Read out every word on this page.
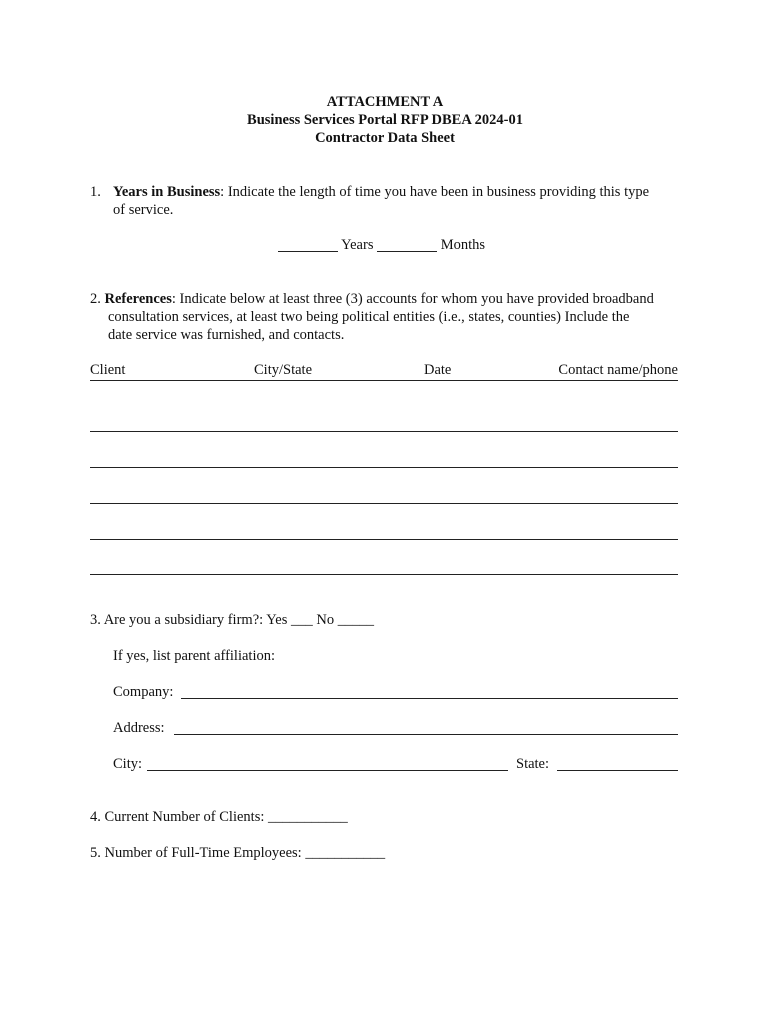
ATTACHMENT A
Business Services Portal RFP DBEA 2024-01
Contractor Data Sheet
1. Years in Business: Indicate the length of time you have been in business providing this type
of service.
Years	Months
2. References: Indicate below at least three (3) accounts for whom you have provided broadband
consultation services, at least two being political entities (i.e., states, counties) Include the
date service was furnished, and contacts.
Client	City/State	Date	Contact name/phone
3. Are you a subsidiary firm?: Yes ___ No _____
If yes, list parent affiliation:
Company:
Address:
City:	State:
4. Current Number of Clients: ___________
5. Number of Full-Time Employees: ___________
